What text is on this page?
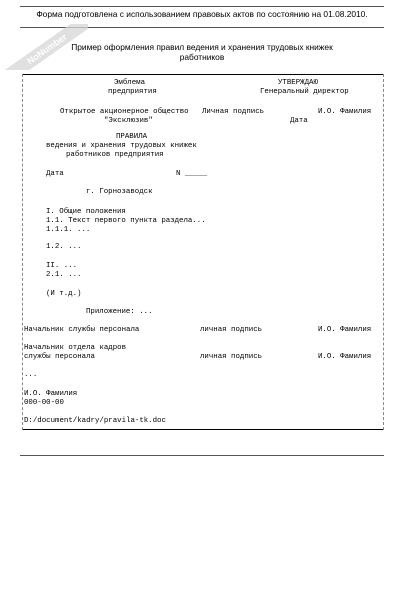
Форма подготовлена с использованием правовых актов по состоянию на 01.08.2010.
NoNumber Пример оформления правил ведения и хранения трудовых книжек
работников
Эмблема
предприятия
УТВЕРЖДАЮ
Генеральный директор
Открытое акционерное общество
"Эксклюзив"
Личная подпись	И.О. Фамилия
Дата
ПРАВИЛА
ведения и хранения трудовых книжек
работников предприятия
Дата	N _____
г. Горнозаводск
I. Общие положения
1.1. Текст первого пункта раздела...
1.1.1. ...
1.2. ...
II. ...
2.1. ...
(И т.д.)
Приложение: ...
Начальник службы персонала	личная подпись	И.О. Фамилия
Начальник отдела кадров
службы персонала	личная подпись	И.О. Фамилия
...
И.О. Фамилия
000-00-00
D:/document/kadry/pravila-tk.doc
